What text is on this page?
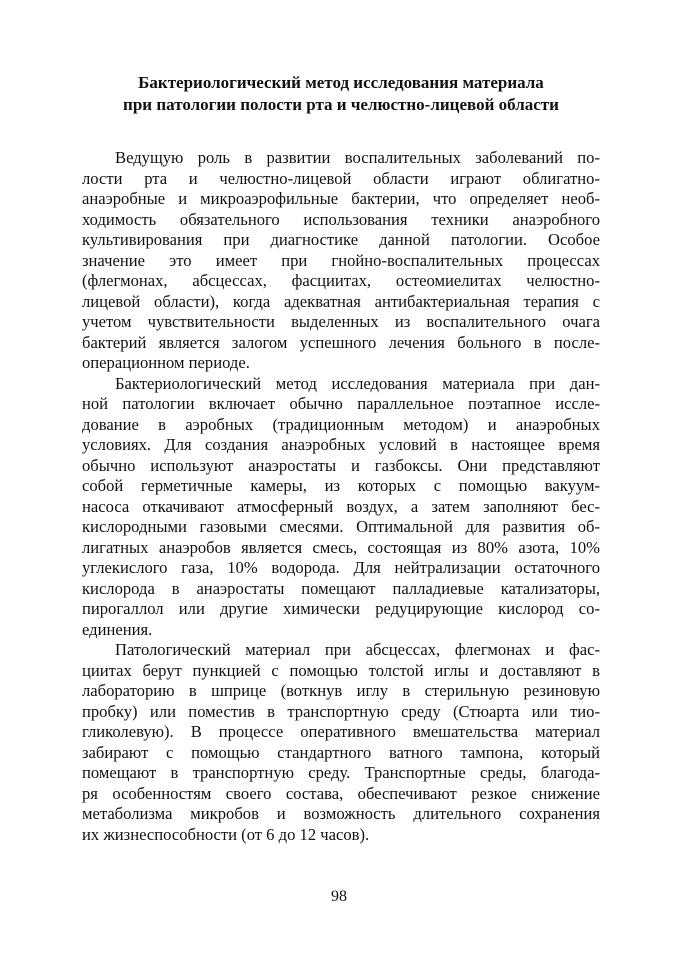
Бактериологический метод исследования материала
при патологии полости рта и челюстно-лицевой области

Ведущую роль в развитии воспалительных заболеваний по-
лости рта и челюстно-лицевой области играют облигатно-
анаэробные и микроаэрофильные бактерии, что определяет необ-
ходимость обязательного использования техники анаэробного
культивирования при диагностике данной патологии. Особое
значение это имеет при гнойно-воспалительных процессах
(флегмонах, абсцессах, фасциитах, остеомиелитах челюстно-
лицевой области), когда адекватная антибактериальная терапия с
учетом чувствительности выделенных из воспалительного очага
бактерий является залогом успешного лечения больного в после-
операционном периоде.

Бактериологический метод исследования материала при дан-
ной патологии включает обычно параллельное поэтапное иссле-
дование в аэробных (традиционным методом) и анаэробных
условиях. Для создания анаэробных условий в настоящее время
обычно используют анаэростаты и газбоксы. Они представляют
собой герметичные камеры, из которых с помощью вакуум-
насоса откачивают атмосферный воздух, а затем заполняют бес-
кислородными газовыми смесями. Оптимальной для развития об-
лигатных анаэробов является смесь, состоящая из 80% азота, 10%
углекислого газа, 10% водорода. Для нейтрализации остаточного
кислорода в анаэростаты помещают палладиевые катализаторы,
пирогаллол или другие химически редуцирующие кислород со-
единения.

Патологический материал при абсцессах, флегмонах и фас-
циитах берут пункцией с помощью толстой иглы и доставляют в
лабораторию в шприце (воткнув иглу в стерильную резиновую
пробку) или поместив в транспортную среду (Стюарта или тио-
гликолевую). В процессе оперативного вмешательства материал
забирают с помощью стандартного ватного тампона, который
помещают в транспортную среду. Транспортные среды, благода-
ря особенностям своего состава, обеспечивают резкое снижение
метаболизма микробов и возможность длительного сохранения
их жизнеспособности (от 6 до 12 часов).

98
